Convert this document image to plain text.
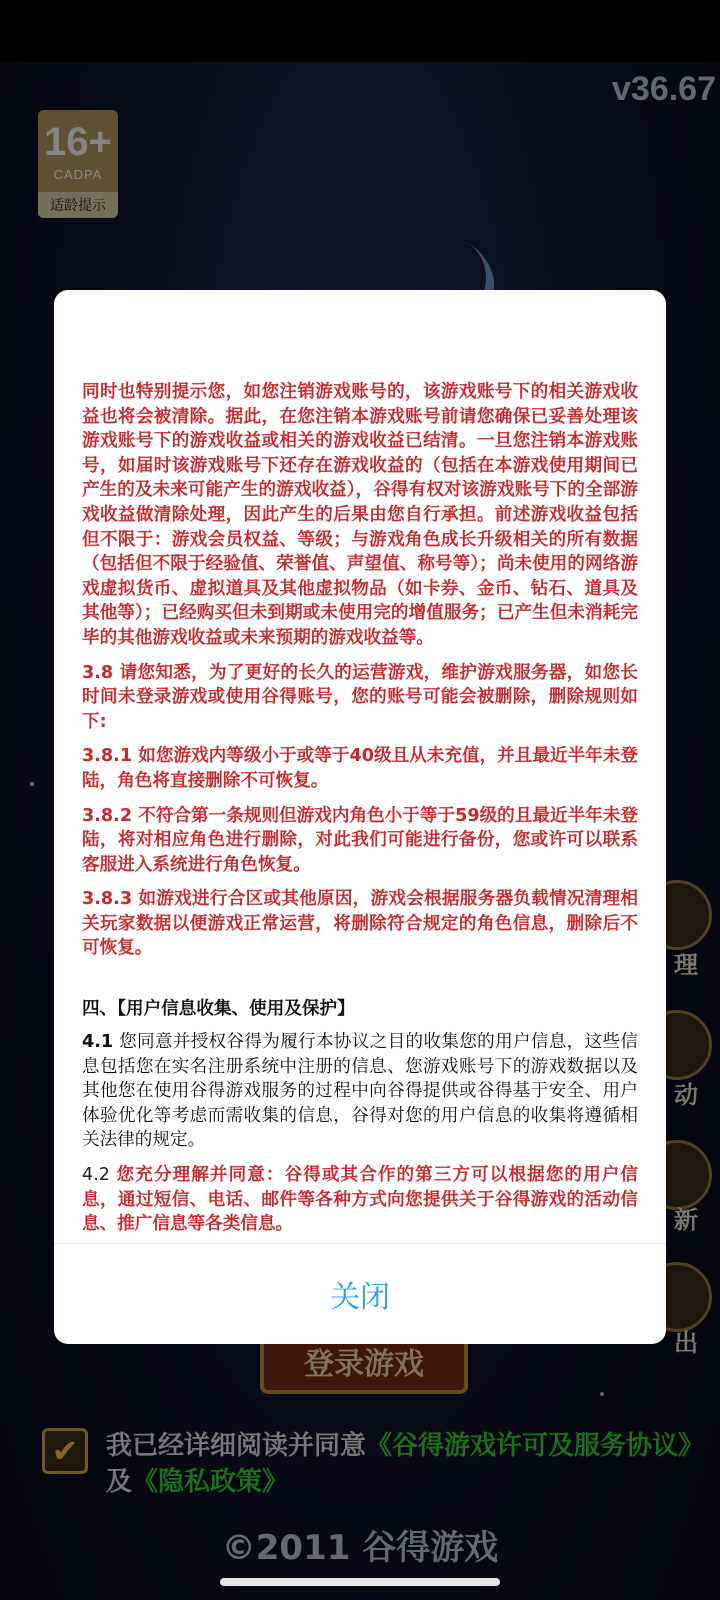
v36.67
16+
CADPA
适龄提示
理
动
新
出
登录游戏
✔	我已经详细阅读并同意《谷得游戏许可及服务协议》
及《隐私政策》
©2011 谷得游戏

同时也特别提示您，如您注销游戏账号的，该游戏账号下的相关游戏收益也将会被清除。据此，在您注销本游戏账号前请您确保已妥善处理该游戏账号下的游戏收益或相关的游戏收益已结清。一旦您注销本游戏账号，如届时该游戏账号下还存在游戏收益的（包括在本游戏使用期间已产生的及未来可能产生的游戏收益），谷得有权对该游戏账号下的全部游戏收益做清除处理，因此产生的后果由您自行承担。前述游戏收益包括但不限于：游戏会员权益、等级；与游戏角色成长升级相关的所有数据（包括但不限于经验值、荣誉值、声望值、称号等）；尚未使用的网络游戏虚拟货币、虚拟道具及其他虚拟物品（如卡券、金币、钻石、道具及其他等）；已经购买但未到期或未使用完的增值服务；已产生但未消耗完毕的其他游戏收益或未来预期的游戏收益等。

3.8 请您知悉，为了更好的长久的运营游戏，维护游戏服务器，如您长时间未登录游戏或使用谷得账号，您的账号可能会被删除，删除规则如下:

3.8.1 如您游戏内等级小于或等于40级且从未充值，并且最近半年未登陆，角色将直接删除不可恢复。

3.8.2 不符合第一条规则但游戏内角色小于等于59级的且最近半年未登陆，将对相应角色进行删除，对此我们可能进行备份，您或许可以联系客服进入系统进行角色恢复。

3.8.3 如游戏进行合区或其他原因，游戏会根据服务器负载情况清理相关玩家数据以便游戏正常运营，将删除符合规定的角色信息，删除后不可恢复。

四、【用户信息收集、使用及保护】

4.1 您同意并授权谷得为履行本协议之目的收集您的用户信息，这些信息包括您在实名注册系统中注册的信息、您游戏账号下的游戏数据以及其他您在使用谷得游戏服务的过程中向谷得提供或谷得基于安全、用户体验优化等考虑而需收集的信息，谷得对您的用户信息的收集将遵循相关法律的规定。

4.2 您充分理解并同意：谷得或其合作的第三方可以根据您的用户信息，通过短信、电话、邮件等各种方式向您提供关于谷得游戏的活动信息、推广信息等各类信息。

关闭
